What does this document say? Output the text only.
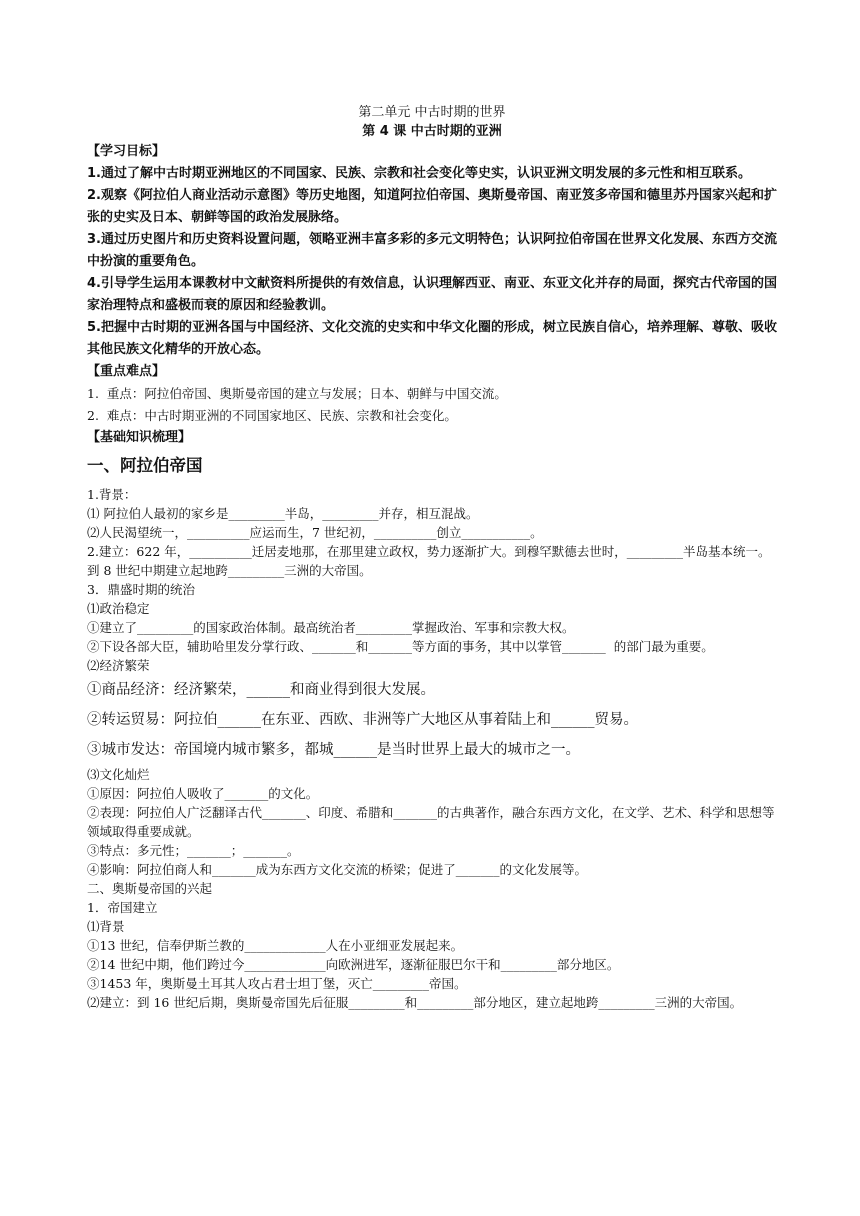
第二单元 中古时期的世界
第 4 课 中古时期的亚洲
【学习目标】
1.通过了解中古时期亚洲地区的不同国家、民族、宗教和社会变化等史实，认识亚洲文明发展的多元性和相互联系。
2.观察《阿拉伯人商业活动示意图》等历史地图，知道阿拉伯帝国、奥斯曼帝国、南亚笈多帝国和德里苏丹国家兴起和扩张的史实及日本、朝鲜等国的政治发展脉络。
3.通过历史图片和历史资料设置问题，领略亚洲丰富多彩的多元文明特色；认识阿拉伯帝国在世界文化发展、东西方交流中扮演的重要角色。
4.引导学生运用本课教材中文献资料所提供的有效信息，认识理解西亚、南亚、东亚文化并存的局面，探究古代帝国的国家治理特点和盛极而衰的原因和经验教训。
5.把握中古时期的亚洲各国与中国经济、文化交流的史实和中华文化圈的形成，树立民族自信心，培养理解、尊敬、吸收其他民族文化精华的开放心态。
【重点难点】
1.  重点：阿拉伯帝国、奥斯曼帝国的建立与发展；日本、朝鲜与中国交流。
2.  难点：中古时期亚洲的不同国家地区、民族、宗教和社会变化。
【基础知识梳理】
一、阿拉伯帝国
1.背景：
⑴ 阿拉伯人最初的家乡是_________半岛，_________并存，相互混战。
⑵人民渴望统一，__________应运而生，7 世纪初，__________创立___________。
2.建立：622 年，__________迁居麦地那，在那里建立政权，势力逐渐扩大。到穆罕默德去世时，_________半岛基本统一。到 8 世纪中期建立起地跨_________三洲的大帝国。
3．鼎盛时期的统治
⑴政治稳定
①建立了_________的国家政治体制。最高统治者_________掌握政治、军事和宗教大权。
②下设各部大臣，辅助哈里发分掌行政、_______和_______等方面的事务，其中以掌管_______  的部门最为重要。
⑵经济繁荣
①商品经济：经济繁荣，______和商业得到很大发展。
②转运贸易：阿拉伯______在东亚、西欧、非洲等广大地区从事着陆上和______贸易。
③城市发达：帝国境内城市繁多，都城______是当时世界上最大的城市之一。
⑶文化灿烂
①原因：阿拉伯人吸收了_______的文化。
②表现：阿拉伯人广泛翻译古代_______、印度、希腊和_______的古典著作，融合东西方文化，在文学、艺术、科学和思想等领域取得重要成就。
③特点：多元性；_______；_______。
④影响：阿拉伯商人和_______成为东西方文化交流的桥梁；促进了_______的文化发展等。
二、奥斯曼帝国的兴起
1．帝国建立
⑴背景
①13 世纪，信奉伊斯兰教的_____________人在小亚细亚发展起来。
②14 世纪中期，他们跨过今_____________向欧洲进军，逐渐征服巴尔干和_________部分地区。
③1453 年，奥斯曼土耳其人攻占君士坦丁堡，灭亡_________帝国。
⑵建立：到 16 世纪后期，奥斯曼帝国先后征服_________和_________部分地区，建立起地跨_________三洲的大帝国。
